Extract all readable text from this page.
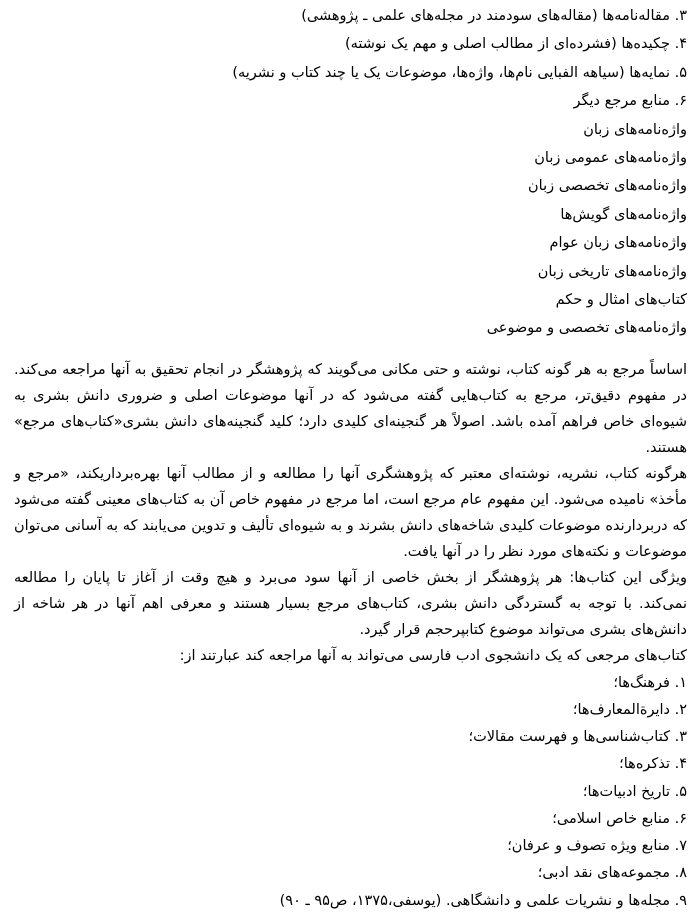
۳. مقاله‌نامه‌ها (مقاله‌های سودمند در مجله‌های علمی ـ پژوهشی)
۴. چکیده‌ها (فشرده‌ای از مطالب اصلی و مهم یک نوشته)
۵. نمایه‌ها (سیاهه الفبایی نام‌ها، واژه‌ها، موضوعات یک یا چند کتاب و نشریه)
۶. منابع مرجع دیگر
واژه‌نامه‌های زبان
واژه‌نامه‌های عمومی زبان
واژه‌نامه‌های تخصصی زبان
واژه‌نامه‌های گویش‌ها
واژه‌نامه‌های زبان عوام
واژه‌نامه‌های تاریخی زبان
کتاب‌های امثال و حکم
واژه‌نامه‌های تخصصی و موضوعی

اساساً مرجع به هر گونه کتاب، نوشته و حتی مکانی می‌گویند که پژوهشگر در انجام تحقیق به آنها مراجعه می‌کند. در مفهوم دقیق‌تر، مرجع به کتاب‌هایی گفته می‌شود که در آنها موضوعات اصلی و ضروری دانش بشری به شیوه‌ای خاص فراهم آمده باشد. اصولاً هر گنجینه‌ای کلیدی دارد؛ کلید گنجینه‌های دانش بشری«کتاب‌های مرجع» هستند.

هرگونه کتاب، نشریه، نوشته‌ای معتبر که پژوهشگری آنها را مطالعه و از مطالب آنها بهره‌برداریکند، «مرجع و مأخذ» نامیده می‌شود. این مفهوم عام مرجع است، اما مرجع در مفهوم خاص آن به کتاب‌های معینی گفته می‌شود که دربردارنده موضوعات کلیدی شاخه‌های دانش بشرند و به شیوه‌ای تألیف و تدوین می‌یابند که به آسانی می‌توان موضوعات و نکته‌های مورد نظر را در آنها یافت.

ویژگی این کتاب‌ها: هر پژوهشگر از بخش خاصی از آنها سود می‌برد و هیچ وقت از آغاز تا پایان را مطالعه نمی‌کند. با توجه به گستردگی دانش بشری، کتاب‌های مرجع بسیار هستند و معرفی اهم آنها در هر شاخه از دانش‌های بشری می‌تواند موضوع کتابپرحجم قرار گیرد.

کتاب‌های مرجعی که یک دانشجوی ادب فارسی می‌تواند به آنها مراجعه کند عبارتند از:

۱. فرهنگ‌ها؛
۲. دایرةالمعارف‌ها؛
۳. کتاب‌شناسی‌ها و فهرست مقالات؛
۴. تذکره‌ها؛
۵. تاریخ ادبیات‌ها؛
۶. منابع خاص اسلامی؛
۷. منابع ویژه تصوف و عرفان؛
۸. مجموعه‌های نقد ادبی؛
۹. مجله‌ها و نشریات علمی و دانشگاهی. (یوسفی،۱۳۷۵، ص۹۵ ـ ۹۰)
